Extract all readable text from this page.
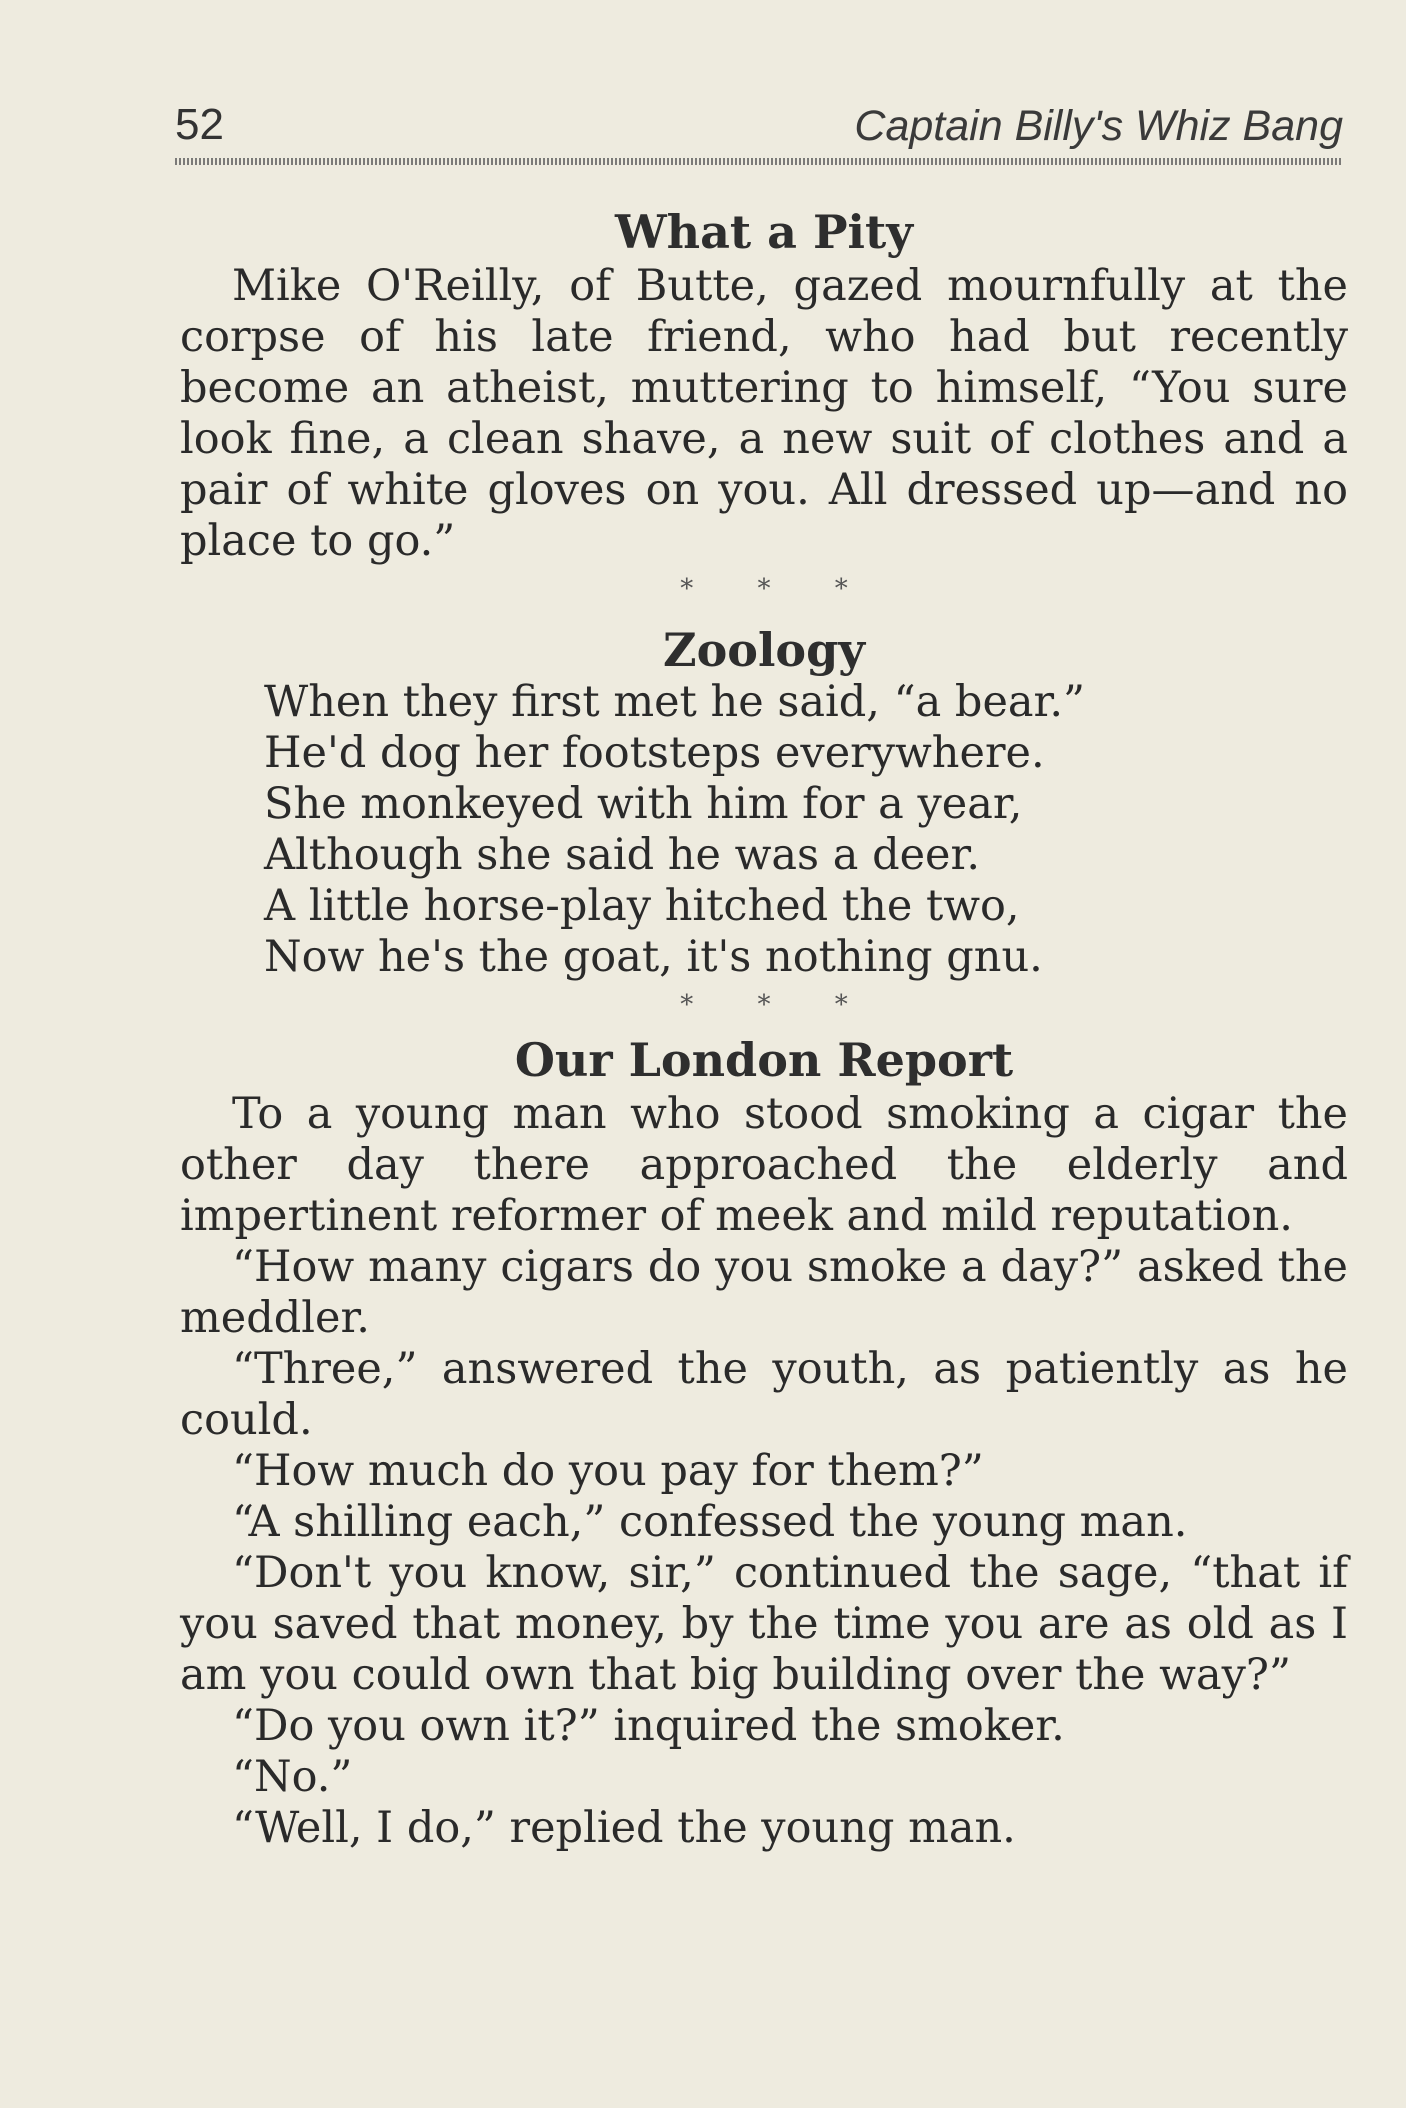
52	Captain Billy's Whiz Bang
What a Pity

Mike O'Reilly, of Butte, gazed mournfully at the corpse of his late friend, who had but recently become an atheist, muttering to himself, “You sure look fine, a clean shave, a new suit of clothes and a pair of white gloves on you. All dressed up—and no place to go.”

* * *
Zoology
When they first met he said, “a bear.”
He'd dog her footsteps everywhere.
She monkeyed with him for a year,
Although she said he was a deer.
A little horse-play hitched the two,
Now he's the goat, it's nothing gnu.
* * *
Our London Report

To a young man who stood smoking a cigar the other day there approached the elderly and impertinent reformer of meek and mild reputation.

“How many cigars do you smoke a day?” asked the meddler.

“Three,” answered the youth, as patiently as he could.

“How much do you pay for them?”

“A shilling each,” confessed the young man.

“Don't you know, sir,” continued the sage, “that if you saved that money, by the time you are as old as I am you could own that big building over the way?”

“Do you own it?” inquired the smoker.

“No.”

“Well, I do,” replied the young man.
